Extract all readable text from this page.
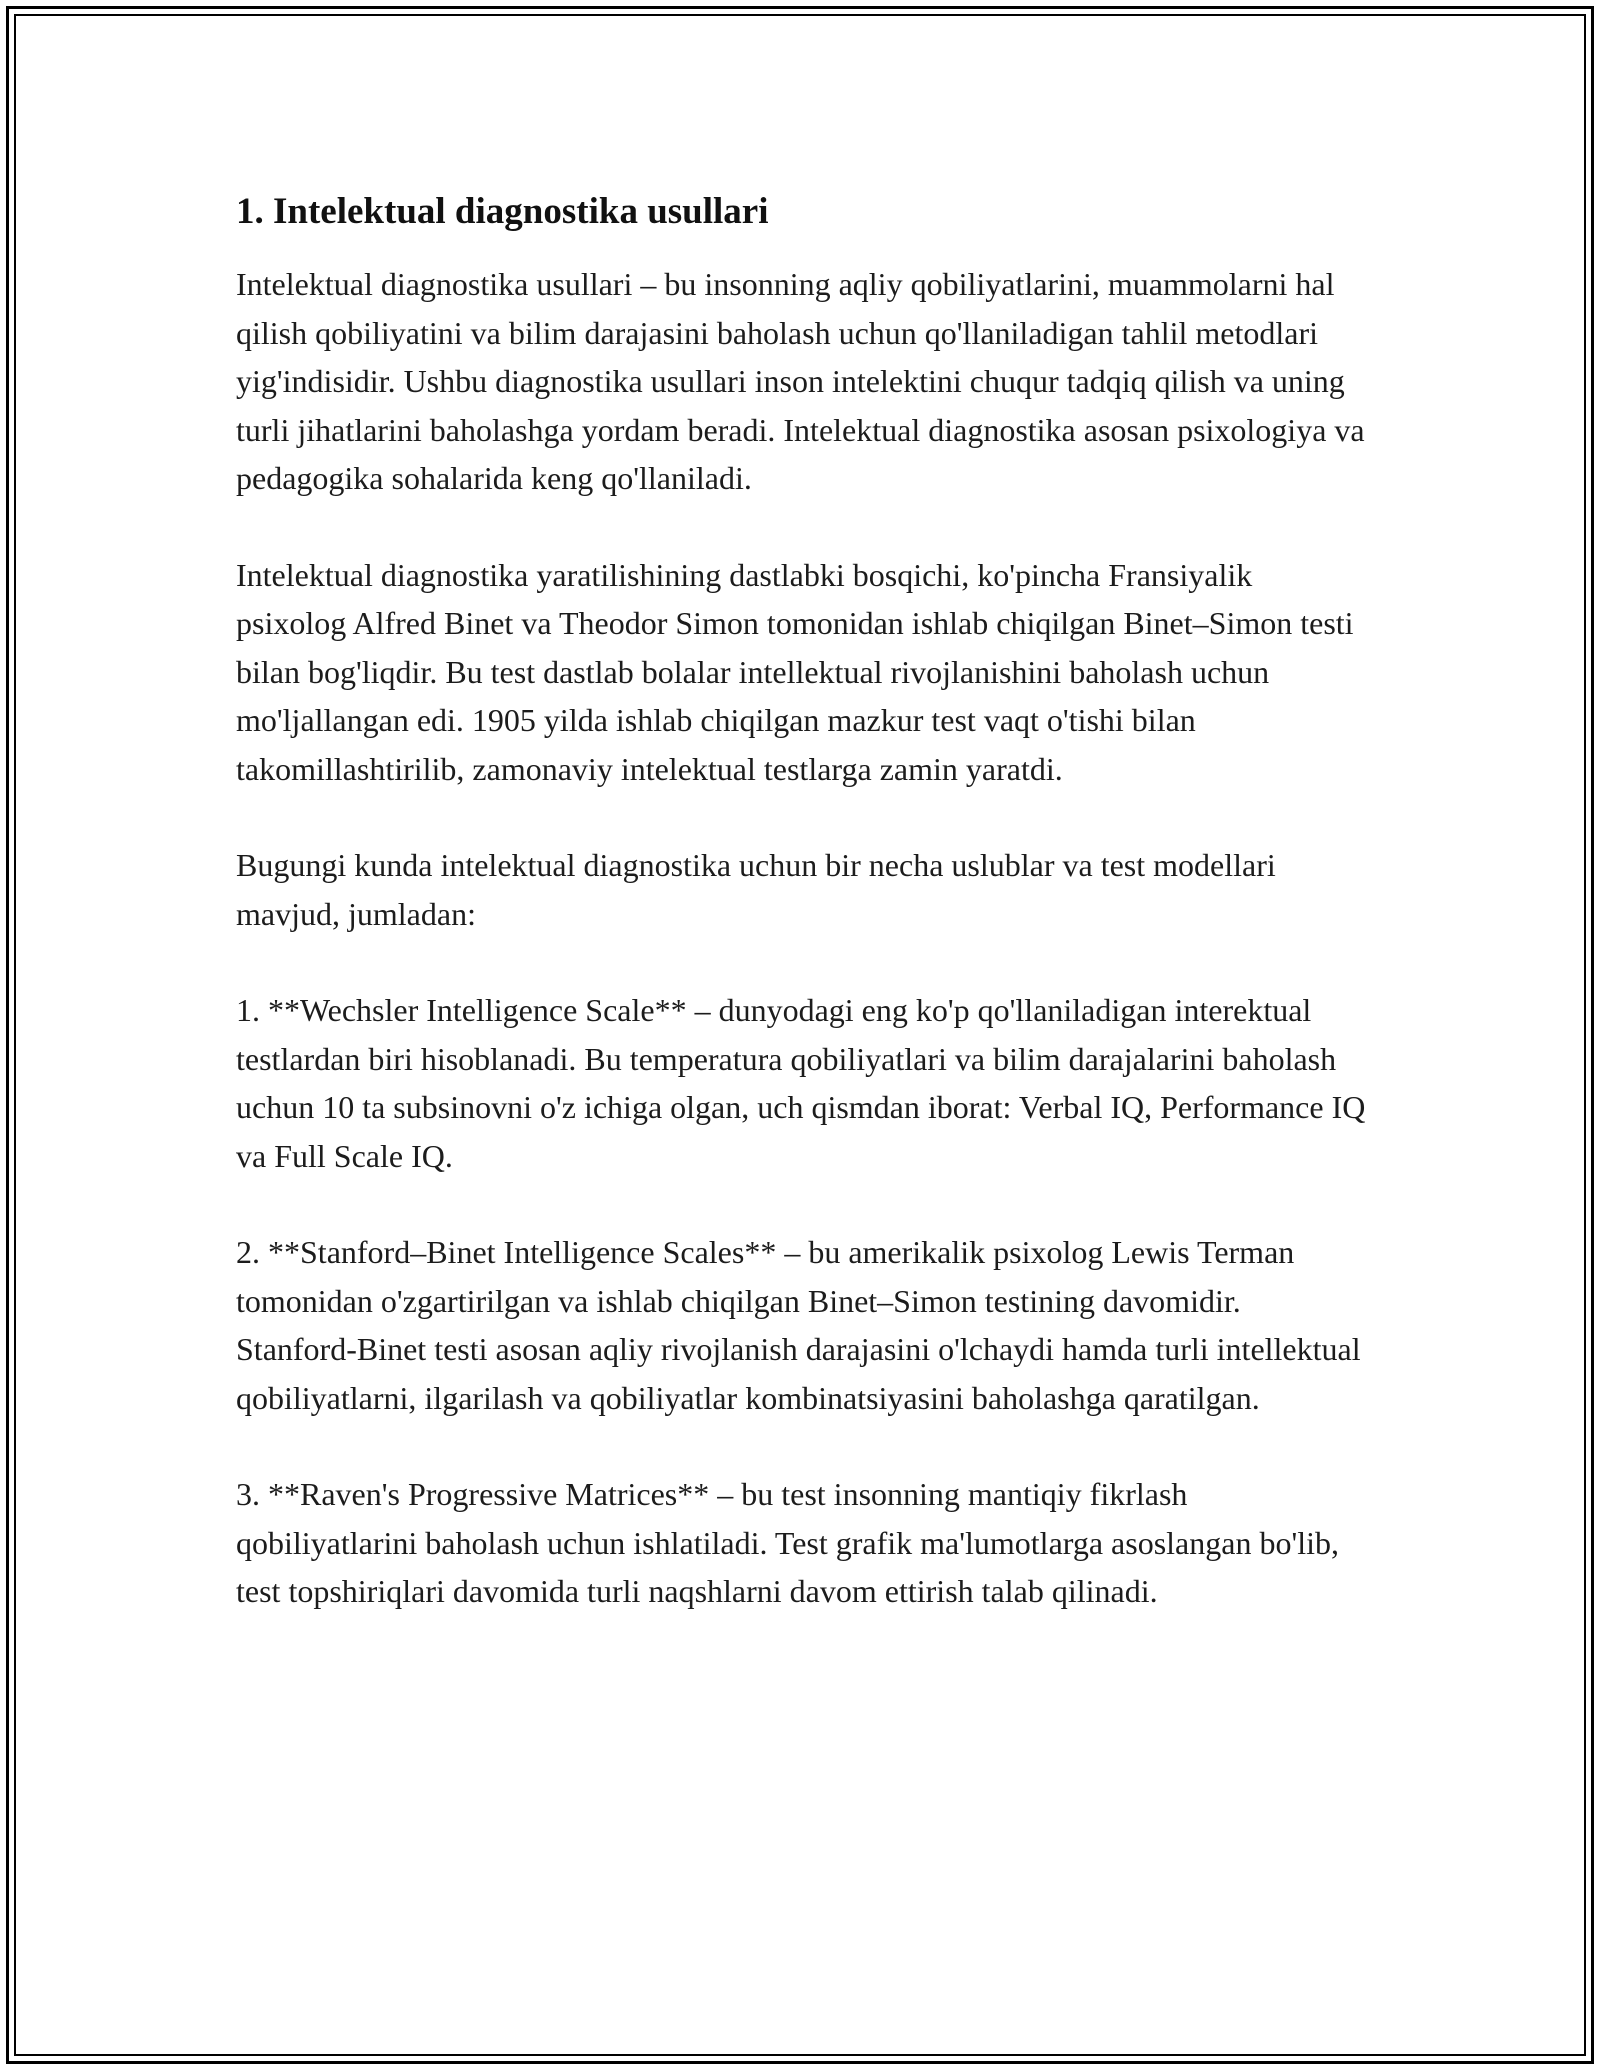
1. Intelektual diagnostika usullari

Intelektual diagnostika usullari – bu insonning aqliy qobiliyatlarini, muammolarni hal qilish qobiliyatini va bilim darajasini baholash uchun qo'llaniladigan tahlil metodlari yig'indisidir. Ushbu diagnostika usullari inson intelektini chuqur tadqiq qilish va uning turli jihatlarini baholashga yordam beradi. Intelektual diagnostika asosan psixologiya va pedagogika sohalarida keng qo'llaniladi.

Intelektual diagnostika yaratilishining dastlabki bosqichi, ko'pincha Fransiyalik psixolog Alfred Binet va Theodor Simon tomonidan ishlab chiqilgan Binet–Simon testi bilan bog'liqdir. Bu test dastlab bolalar intellektual rivojlanishini baholash uchun mo'ljallangan edi. 1905 yilda ishlab chiqilgan mazkur test vaqt o'tishi bilan takomillashtirilib, zamonaviy intelektual testlarga zamin yaratdi.

Bugungi kunda intelektual diagnostika uchun bir necha uslublar va test modellari mavjud, jumladan:

1. **Wechsler Intelligence Scale** – dunyodagi eng ko'p qo'llaniladigan interektual testlardan biri hisoblanadi. Bu temperatura qobiliyatlari va bilim darajalarini baholash uchun 10 ta subsinovni o'z ichiga olgan, uch qismdan iborat: Verbal IQ, Performance IQ va Full Scale IQ.

2. **Stanford–Binet Intelligence Scales** – bu amerikalik psixolog Lewis Terman tomonidan o'zgartirilgan va ishlab chiqilgan Binet–Simon testining davomidir. Stanford-Binet testi asosan aqliy rivojlanish darajasini o'lchaydi hamda turli intellektual qobiliyatlarni, ilgarilash va qobiliyatlar kombinatsiyasini baholashga qaratilgan.

3. **Raven's Progressive Matrices** – bu test insonning mantiqiy fikrlash qobiliyatlarini baholash uchun ishlatiladi. Test grafik ma'lumotlarga asoslangan bo'lib, test topshiriqlari davomida turli naqshlarni davom ettirish talab qilinadi.
